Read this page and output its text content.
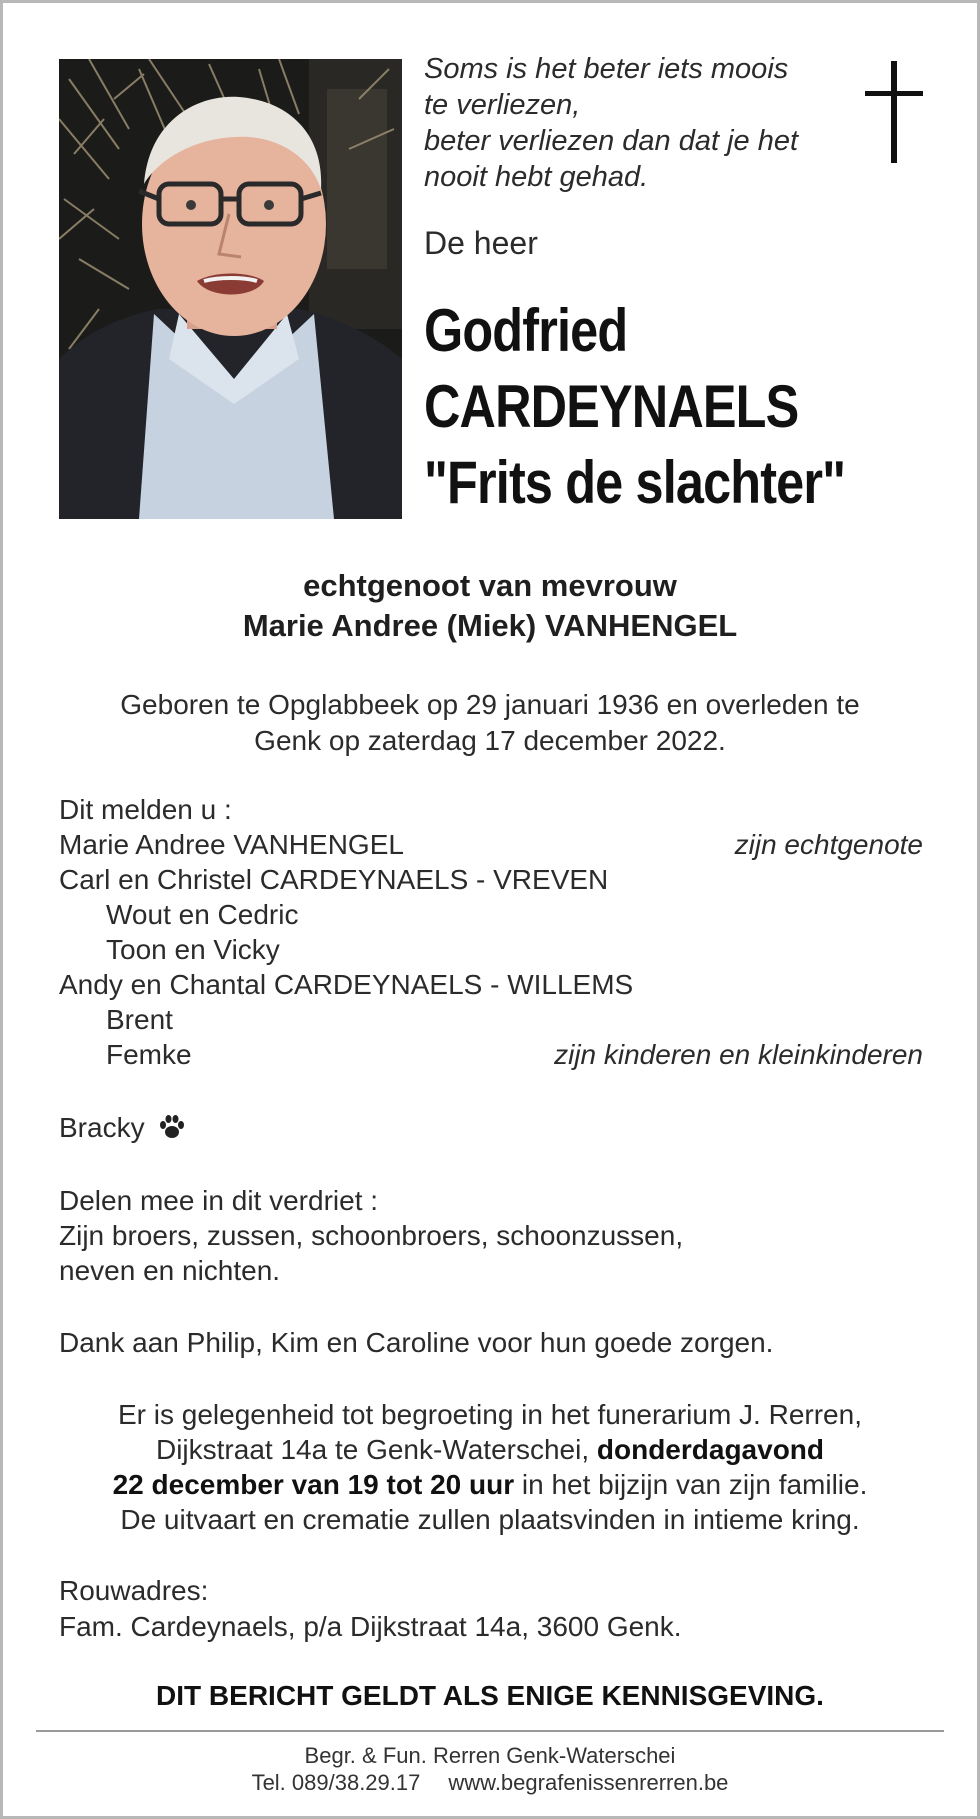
Soms is het beter iets moois
te verliezen,
beter verliezen dan dat je het
nooit hebt gehad.
De heer
Godfried
CARDEYNAELS
"Frits de slachter"
echtgenoot van mevrouw
Marie Andree (Miek) VANHENGEL
Geboren te Opglabbeek op 29 januari 1936 en overleden te
Genk op zaterdag 17 december 2022.
Dit melden u :
Marie Andree VANHENGEL	zijn echtgenote
Carl en Christel CARDEYNAELS - VREVEN
Wout en Cedric
Toon en Vicky
Andy en Chantal CARDEYNAELS - WILLEMS
Brent
Femke	zijn kinderen en kleinkinderen
Bracky
Delen mee in dit verdriet :
Zijn broers, zussen, schoonbroers, schoonzussen,
neven en nichten.
Dank aan Philip, Kim en Caroline voor hun goede zorgen.
Er is gelegenheid tot begroeting in het funerarium J. Rerren,
Dijkstraat 14a te Genk-Waterschei, donderdagavond
22 december van 19 tot 20 uur in het bijzijn van zijn familie.
De uitvaart en crematie zullen plaatsvinden in intieme kring.
Rouwadres:
Fam. Cardeynaels, p/a Dijkstraat 14a, 3600 Genk.
DIT BERICHT GELDT ALS ENIGE KENNISGEVING.
Begr. & Fun. Rerren Genk-Waterschei
Tel. 089/38.29.17 www.begrafenissenrerren.be
